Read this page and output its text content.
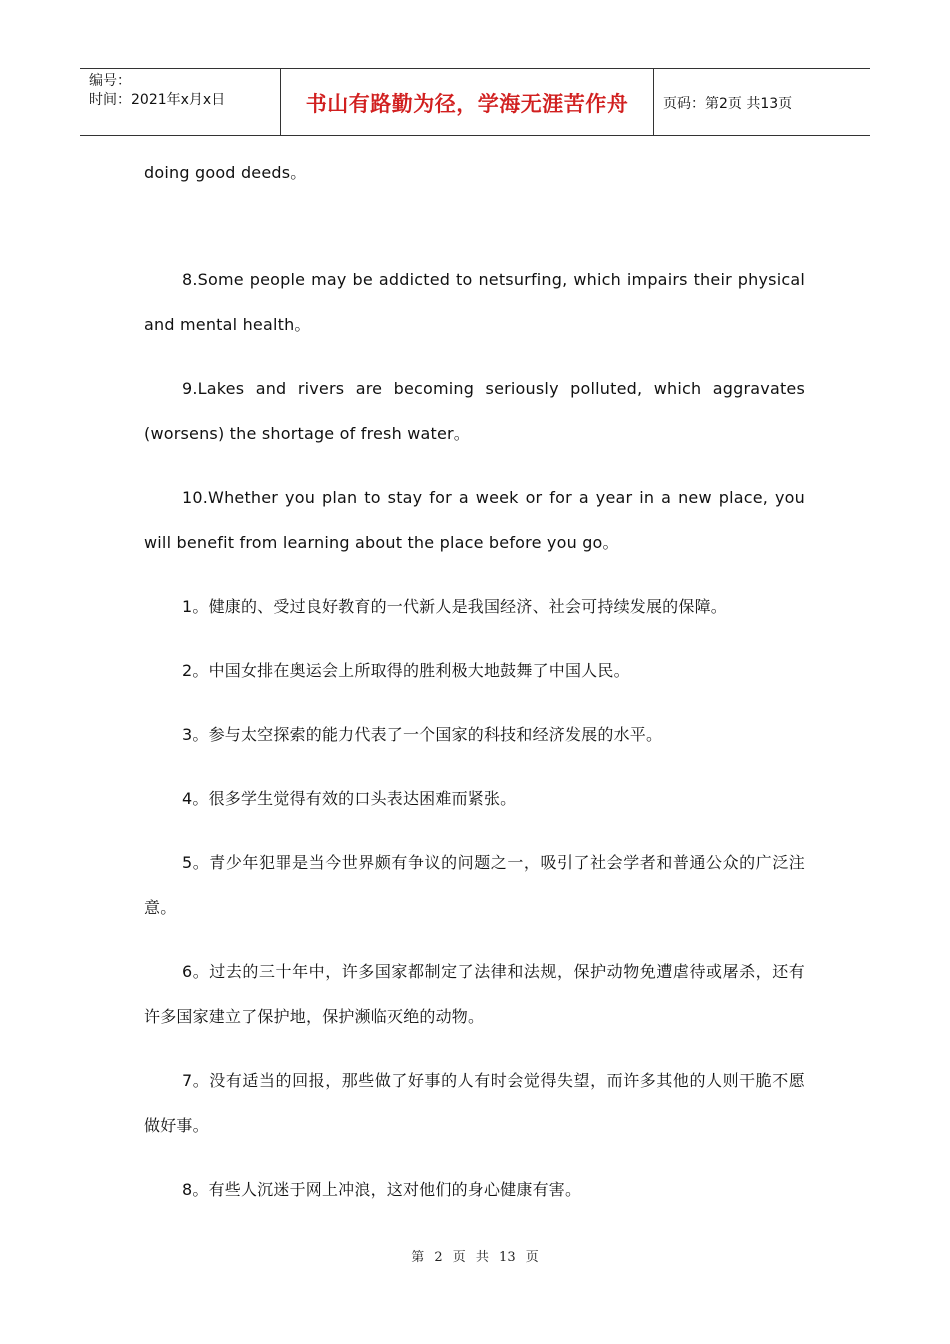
编号：
时间：2021年x月x日	书山有路勤为径，学海无涯苦作舟	页码：第2页 共13页

doing good deeds。

8.Some people may be addicted to netsurfing, which impairs their physical and mental health。

9.Lakes and rivers are becoming seriously polluted, which aggravates (worsens) the shortage of fresh water。

10.Whether you plan to stay for a week or for a year in a new place, you will benefit from learning about the place before you go。

1。健康的、受过良好教育的一代新人是我国经济、社会可持续发展的保障。

2。中国女排在奥运会上所取得的胜利极大地鼓舞了中国人民。

3。参与太空探索的能力代表了一个国家的科技和经济发展的水平。

4。很多学生觉得有效的口头表达困难而紧张。

5。青少年犯罪是当今世界颇有争议的问题之一，吸引了社会学者和普通公众的广泛注意。

6。过去的三十年中，许多国家都制定了法律和法规，保护动物免遭虐待或屠杀，还有许多国家建立了保护地，保护濒临灭绝的动物。

7。没有适当的回报，那些做了好事的人有时会觉得失望，而许多其他的人则干脆不愿做好事。

8。有些人沉迷于网上冲浪，这对他们的身心健康有害。

第 2 页 共 13 页
